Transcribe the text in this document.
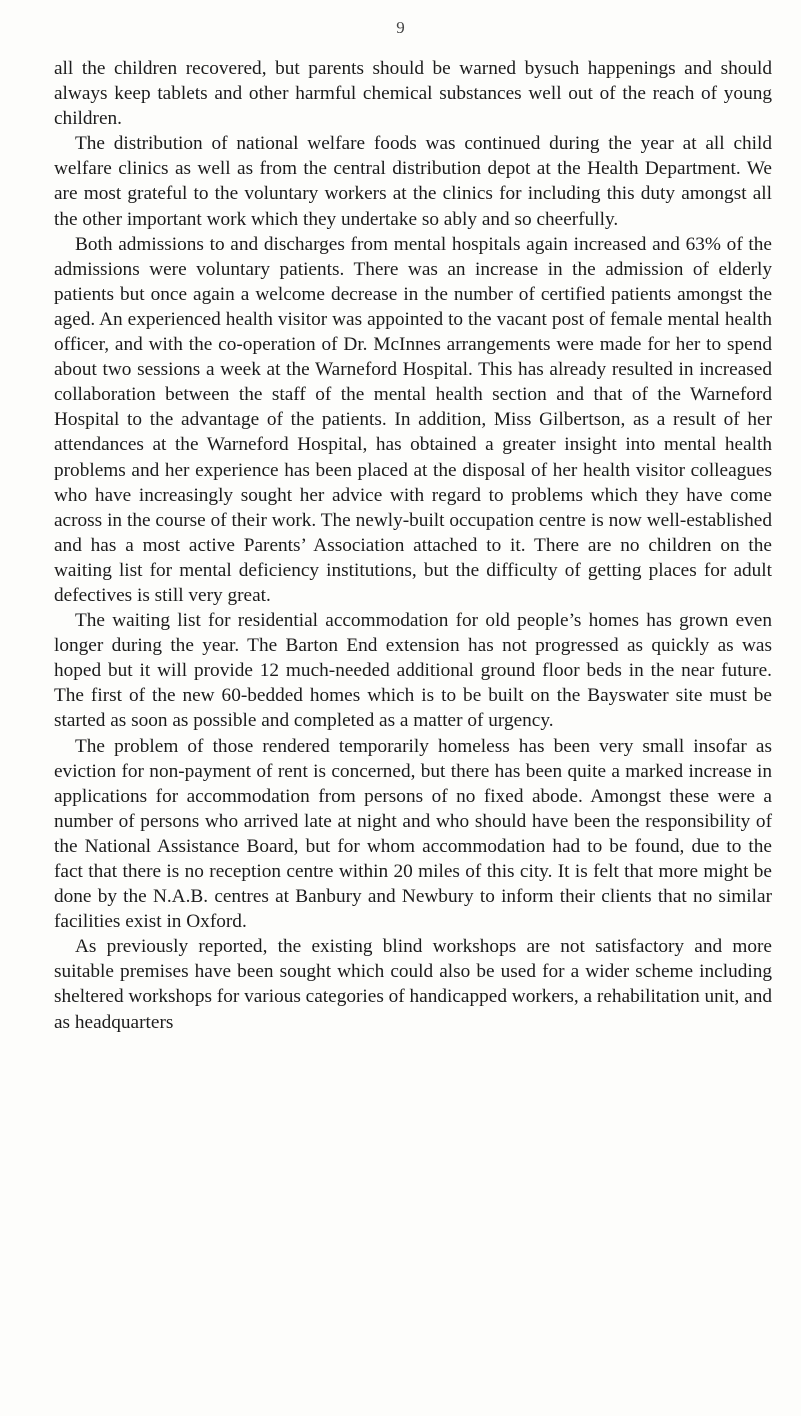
9

all the children recovered, but parents should be warned bysuch happenings and should always keep tablets and other harmful chemical substances well out of the reach of young children.

The distribution of national welfare foods was continued during the year at all child welfare clinics as well as from the central distribution depot at the Health Department. We are most grateful to the voluntary workers at the clinics for including this duty amongst all the other important work which they undertake so ably and so cheerfully.

Both admissions to and discharges from mental hospitals again increased and 63% of the admissions were voluntary patients. There was an increase in the admission of elderly patients but once again a welcome decrease in the number of certified patients amongst the aged. An experienced health visitor was appointed to the vacant post of female mental health officer, and with the co-operation of Dr. McInnes arrangements were made for her to spend about two sessions a week at the Warneford Hospital. This has already resulted in increased collaboration between the staff of the mental health section and that of the Warneford Hospital to the advantage of the patients. In addition, Miss Gilbertson, as a result of her attendances at the Warneford Hospital, has obtained a greater insight into mental health problems and her experience has been placed at the disposal of her health visitor colleagues who have increasingly sought her advice with regard to problems which they have come across in the course of their work. The newly-built occupation centre is now well-established and has a most active Parents’ Association attached to it. There are no children on the waiting list for mental deficiency institutions, but the difficulty of getting places for adult defectives is still very great.

The waiting list for residential accommodation for old people’s homes has grown even longer during the year. The Barton End extension has not progressed as quickly as was hoped but it will provide 12 much-needed additional ground floor beds in the near future. The first of the new 60-bedded homes which is to be built on the Bayswater site must be started as soon as possible and completed as a matter of urgency.

The problem of those rendered temporarily homeless has been very small insofar as eviction for non-payment of rent is concerned, but there has been quite a marked increase in applications for accommodation from persons of no fixed abode. Amongst these were a number of persons who arrived late at night and who should have been the responsibility of the National Assistance Board, but for whom accommodation had to be found, due to the fact that there is no reception centre within 20 miles of this city. It is felt that more might be done by the N.A.B. centres at Banbury and Newbury to inform their clients that no similar facilities exist in Oxford.

As previously reported, the existing blind workshops are not satisfactory and more suitable premises have been sought which could also be used for a wider scheme including sheltered workshops for various categories of handicapped workers, a rehabilitation unit, and as headquarters
